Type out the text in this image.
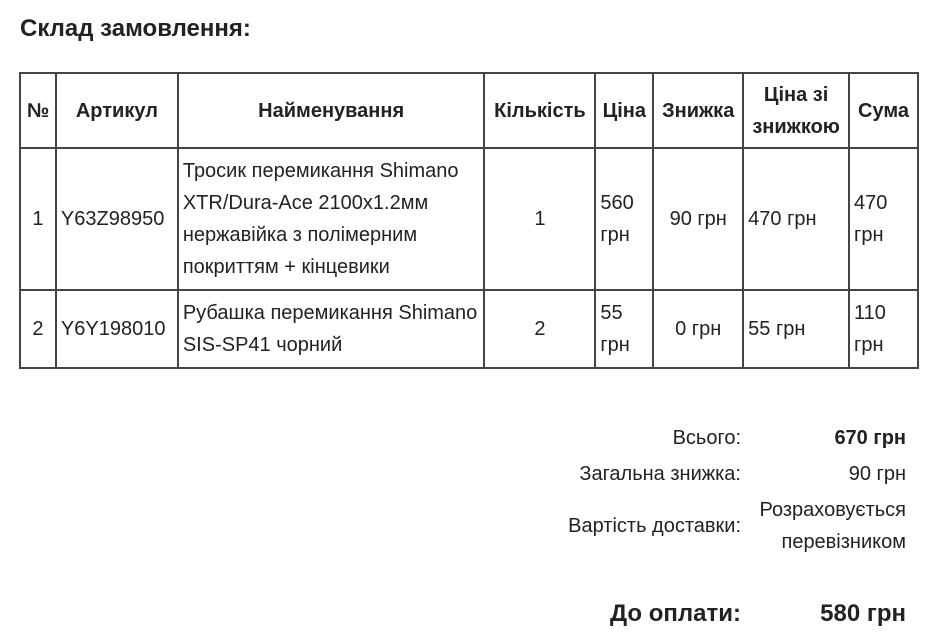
Склад замовлення:
№	Артикул	Найменування	Кількість	Ціна	Знижка	Ціна зі знижкою	Сума
1	Y63Z98950	Тросик перемикання Shimano XTR/Dura-Ace 2100x1.2мм нержавійка з полімерним покриттям + кінцевики	1	560 грн	90 грн	470 грн	470 грн
2	Y6Y198010	Рубашка перемикання Shimano SIS-SP41 чорний	2	55 грн	0 грн	55 грн	110 грн
Всього:	670 грн
Загальна знижка:	90 грн
Вартість доставки:
Розраховується перевізником
До оплати:	580 грн
